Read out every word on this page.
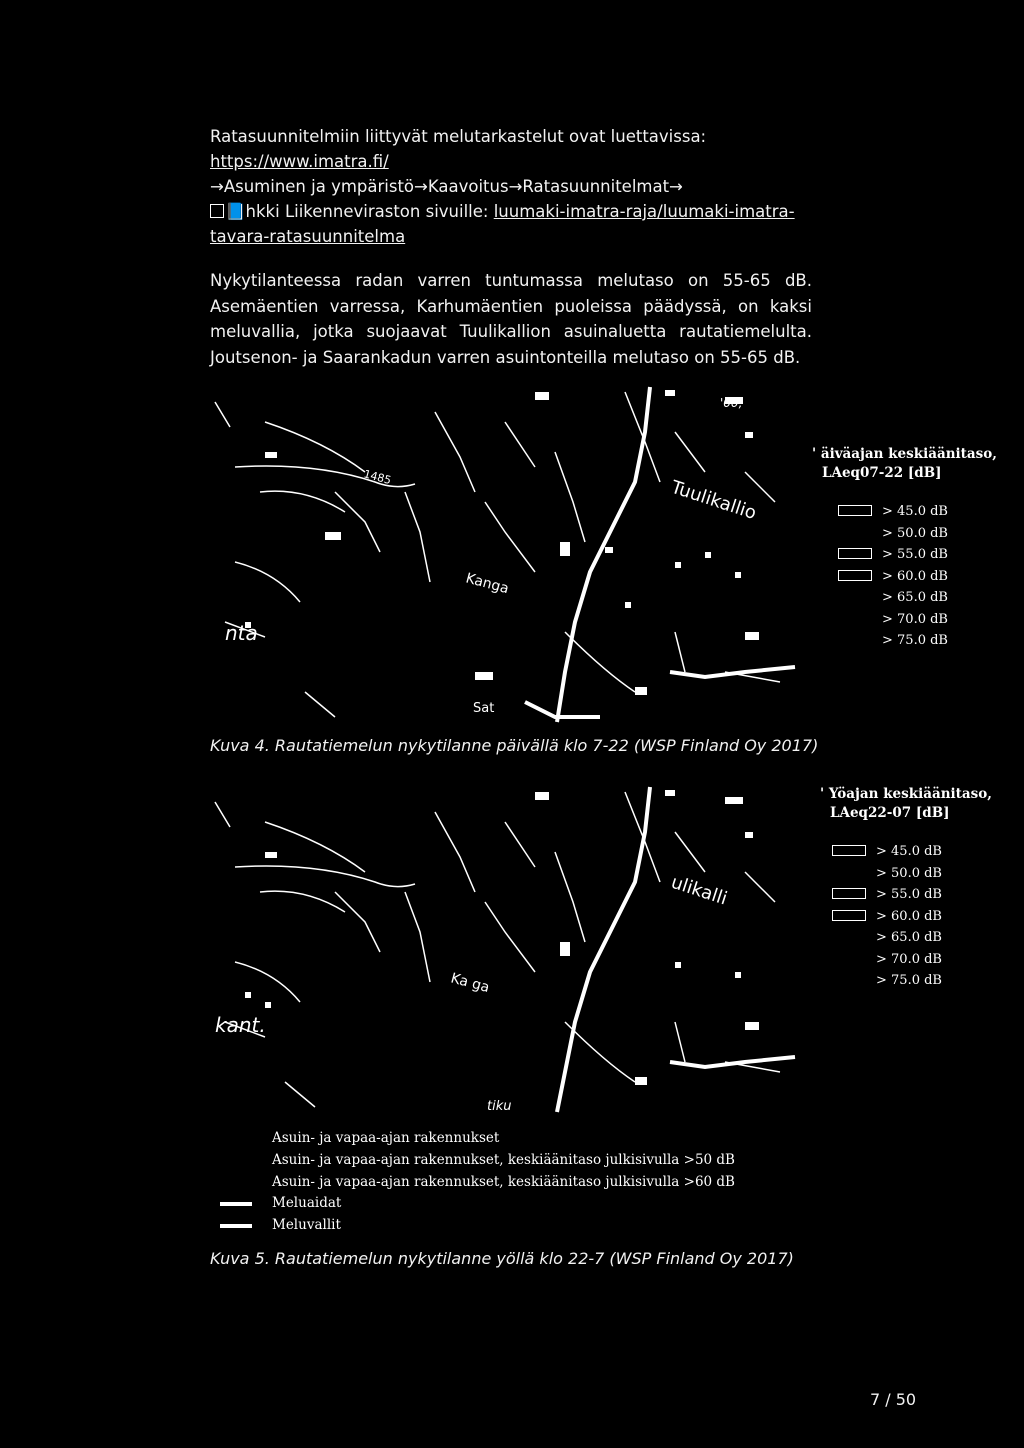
Ratasuunnitelmiin liittyvät melutarkastelut ovat luettavissa:
https://www.imatra.fi/
→Asuminen ja ympäristö→Kaavoitus→Ratasuunnitelmat→
📘hkki Liikenneviraston sivuille: luumaki-imatra-raja/luumaki-imatra-
tavara-ratasuunnitelma
Nykytilanteessa radan varren tuntumassa melutaso on 55-65 dB. Asemäentien varressa, Karhumäentien puoleissa päädyssä, on kaksi meluvallia, jotka suojaavat Tuulikallion asuinaluetta rautatiemelulta. Joutsenon- ja Saarankadun varren asuintonteilla melutaso on 55-65 dB.
Tuulikallio
Kanga
nta
1485
Sat
'00,
' äiväajan keskiäänitaso,
LAeq07-22 [dB]
> 45.0 dB
> 50.0 dB
> 55.0 dB
> 60.0 dB
> 65.0 dB
> 70.0 dB
> 75.0 dB
Kuva 4. Rautatiemelun nykytilanne päivällä klo 7-22 (WSP Finland Oy 2017)
ulikalli
Ka ga
kant.
tiku
' Yöajan keskiäänitaso,
LAeq22-07 [dB]
> 45.0 dB
> 50.0 dB
> 55.0 dB
> 60.0 dB
> 65.0 dB
> 70.0 dB
> 75.0 dB
Asuin- ja vapaa-ajan rakennukset
Asuin- ja vapaa-ajan rakennukset, keskiäänitaso julkisivulla >50 dB
Asuin- ja vapaa-ajan rakennukset, keskiäänitaso julkisivulla >60 dB
Meluaidat
Meluvallit
Kuva 5. Rautatiemelun nykytilanne yöllä klo 22-7 (WSP Finland Oy 2017)
7 / 50
